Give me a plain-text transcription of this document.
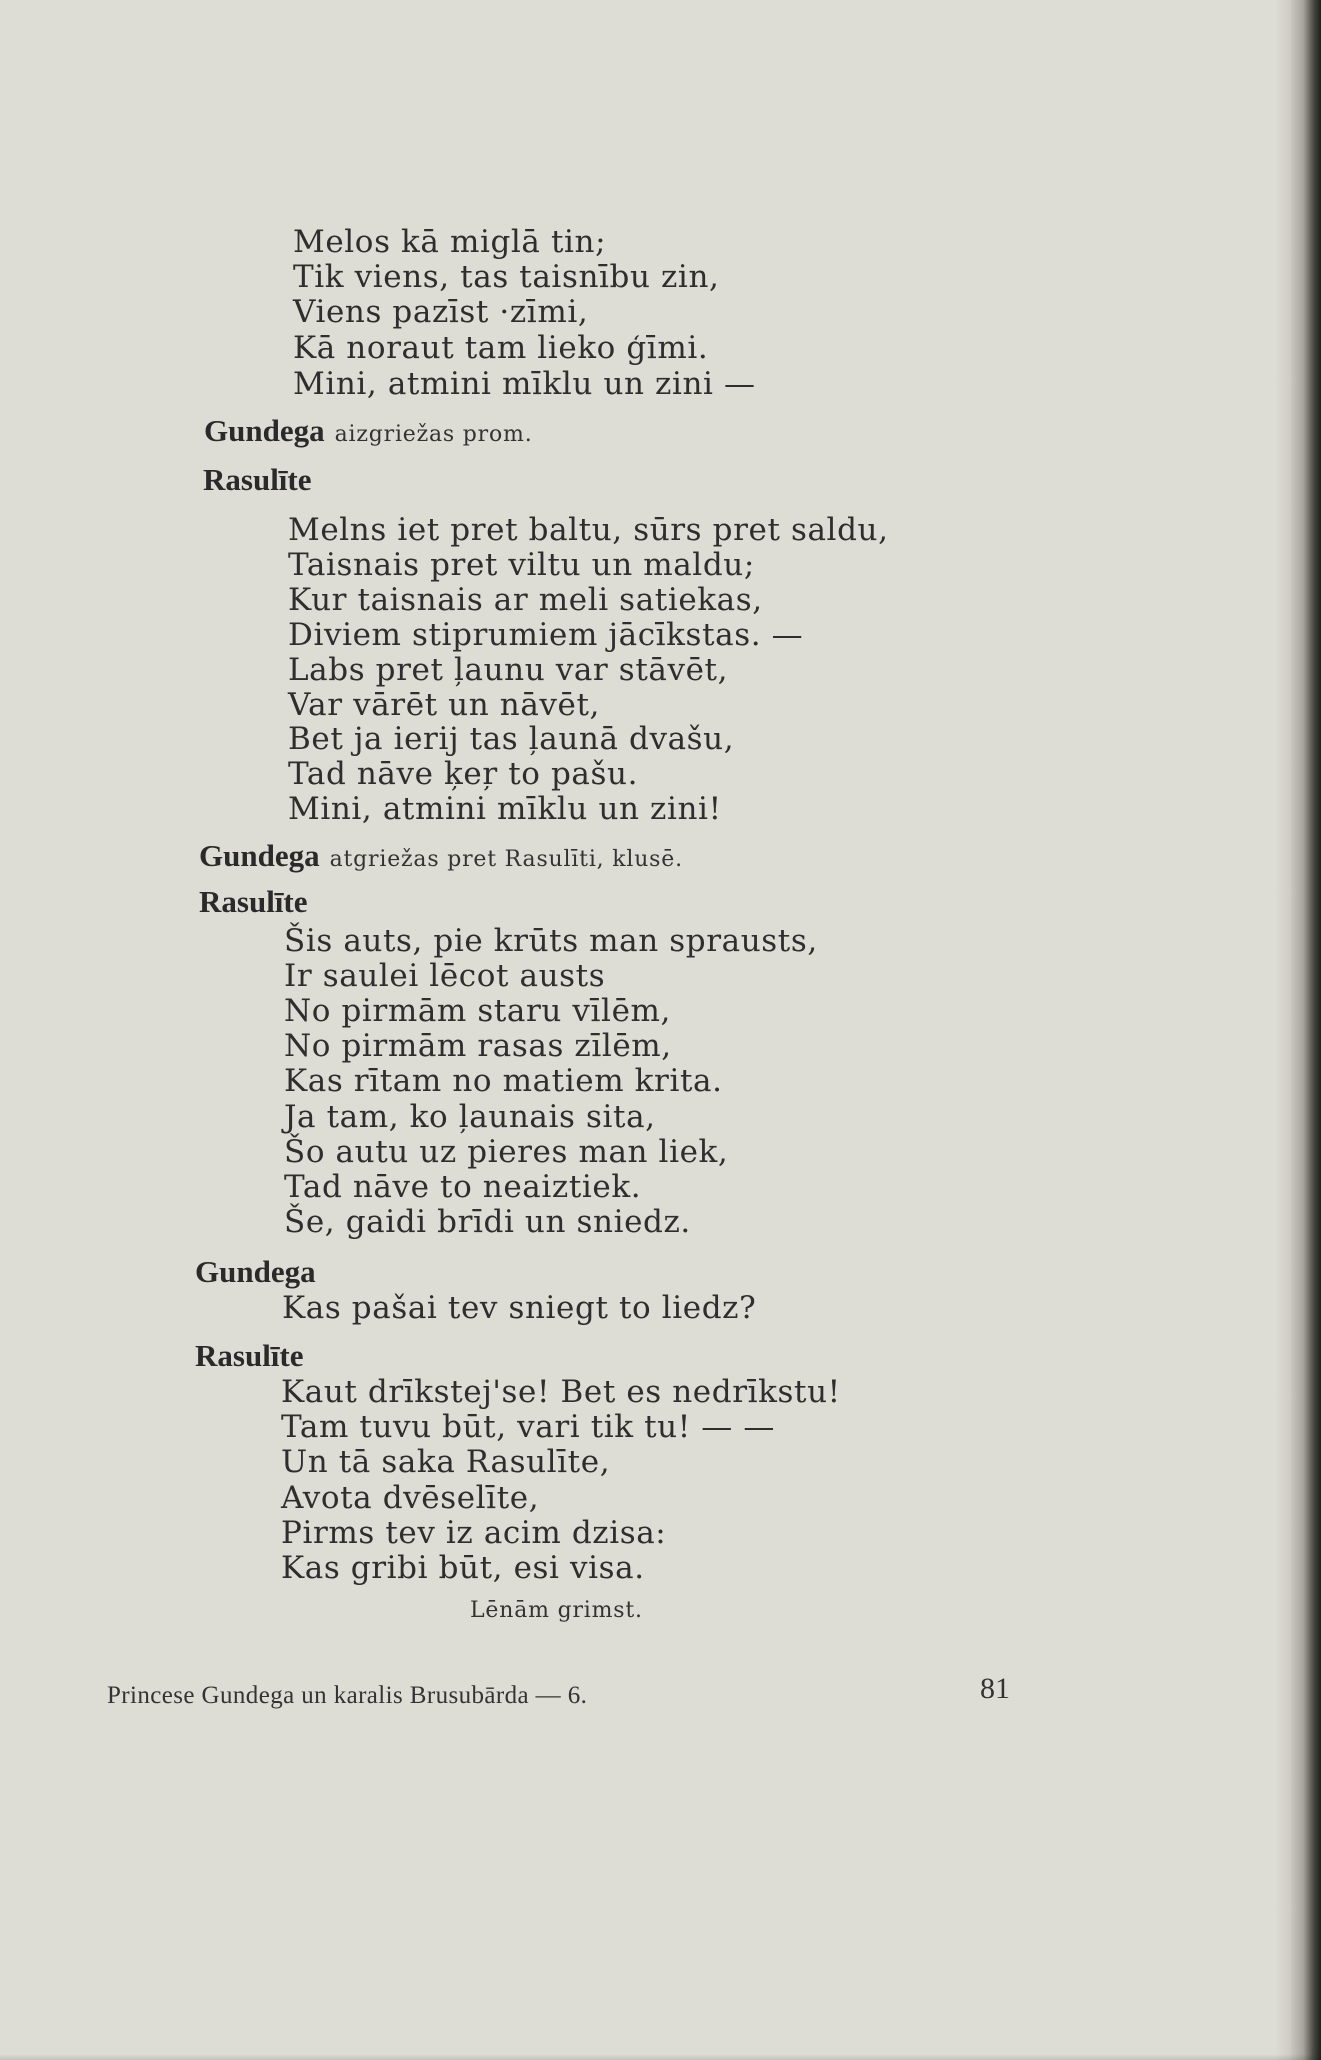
Melos kā miglā tin;
Tik viens, tas taisnību zin,
Viens pazīst ·zīmi,
Kā noraut tam lieko ģīmi.
Mini, atmini mīklu un zini —
Gundega aizgriežas prom.
Rasulīte
Melns iet pret baltu, sūrs pret saldu,
Taisnais pret viltu un maldu;
Kur taisnais ar meli satiekas,
Diviem stiprumiem jācīkstas. —
Labs pret ļaunu var stāvēt,
Var vārēt un nāvēt,
Bet ja ierij tas ļaunā dvašu,
Tad nāve ķeŗ to pašu.
Mini, atmini mīklu un zini!
Gundega atgriežas pret Rasulīti, klusē.
Rasulīte
Šis auts, pie krūts man sprausts,
Ir saulei lēcot austs
No pirmām staru vīlēm,
No pirmām rasas zīlēm,
Kas rītam no matiem krita.
Ja tam, ko ļaunais sita,
Šo autu uz pieres man liek,
Tad nāve to neaiztiek.
Še, gaidi brīdi un sniedz.
Gundega
Kas pašai tev sniegt to liedz?
Rasulīte
Kaut drīkstej'se! Bet es nedrīkstu!
Tam tuvu būt, vari tik tu! — —
Un tā saka Rasulīte,
Avota dvēselīte,
Pirms tev iz acim dzisa:
Kas gribi būt, esi visa.
Lēnām grimst.
Princese Gundega un karalis Brusubārda — 6.	81
